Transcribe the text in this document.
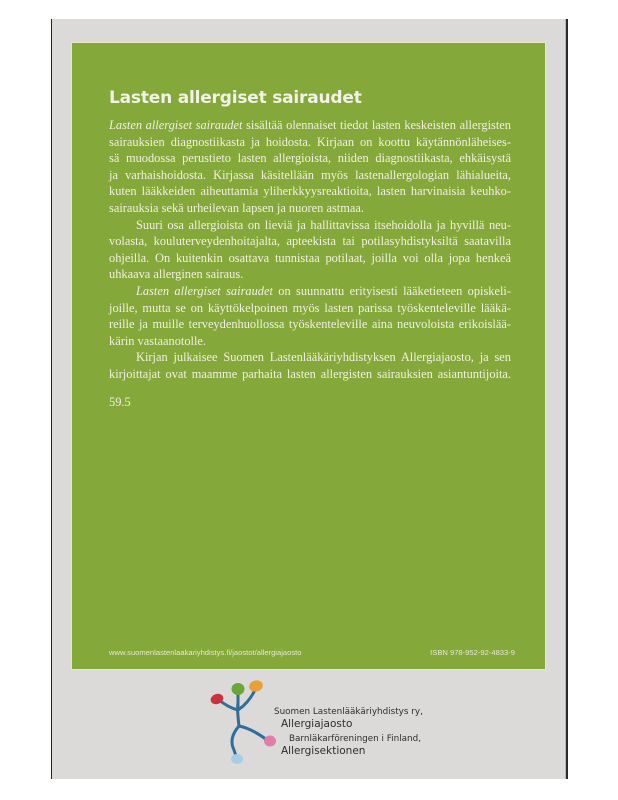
Lasten allergiset sairaudet

Lasten allergiset sairaudet sisältää olennaiset tiedot lasten keskeisten allergisten
sairauksien diagnostiikasta ja hoidosta. Kirjaan on koottu käytännönläheises-
sä muodossa perustieto lasten allergioista, niiden diagnostiikasta, ehkäisystä
ja varhaishoidosta. Kirjassa käsitellään myös lastenallergologian lähialueita,
kuten lääkkeiden aiheuttamia yliherkkyysreaktioita, lasten harvinaisia keuhko-
sairauksia sekä urheilevan lapsen ja nuoren astmaa.

Suuri osa allergioista on lieviä ja hallittavissa itsehoidolla ja hyvillä neu-
volasta, kouluterveydenhoitajalta, apteekista tai potilasyhdistyksiltä saatavilla
ohjeilla. On kuitenkin osattava tunnistaa potilaat, joilla voi olla jopa henkeä
uhkaava allerginen sairaus.

Lasten allergiset sairaudet on suunnattu erityisesti lääketieteen opiskeli-
joille, mutta se on käyttökelpoinen myös lasten parissa työskenteleville lääkä-
reille ja muille terveydenhuollossa työskenteleville aina neuvoloista erikoislää-
kärin vastaanotolle.

Kirjan julkaisee Suomen Lastenlääkäriyhdistyksen Allergiajaosto, ja sen
kirjoittajat ovat maamme parhaita lasten allergisten sairauksien asiantuntijoita.

59.5
www.suomenlastenlaakariyhdistys.fi/jaostot/allergiajaosto	ISBN 978-952-92-4833-9
Suomen Lastenlääkäriyhdistys ry,
Allergiajaosto
Barnläkarföreningen i Finland,
Allergisektionen
